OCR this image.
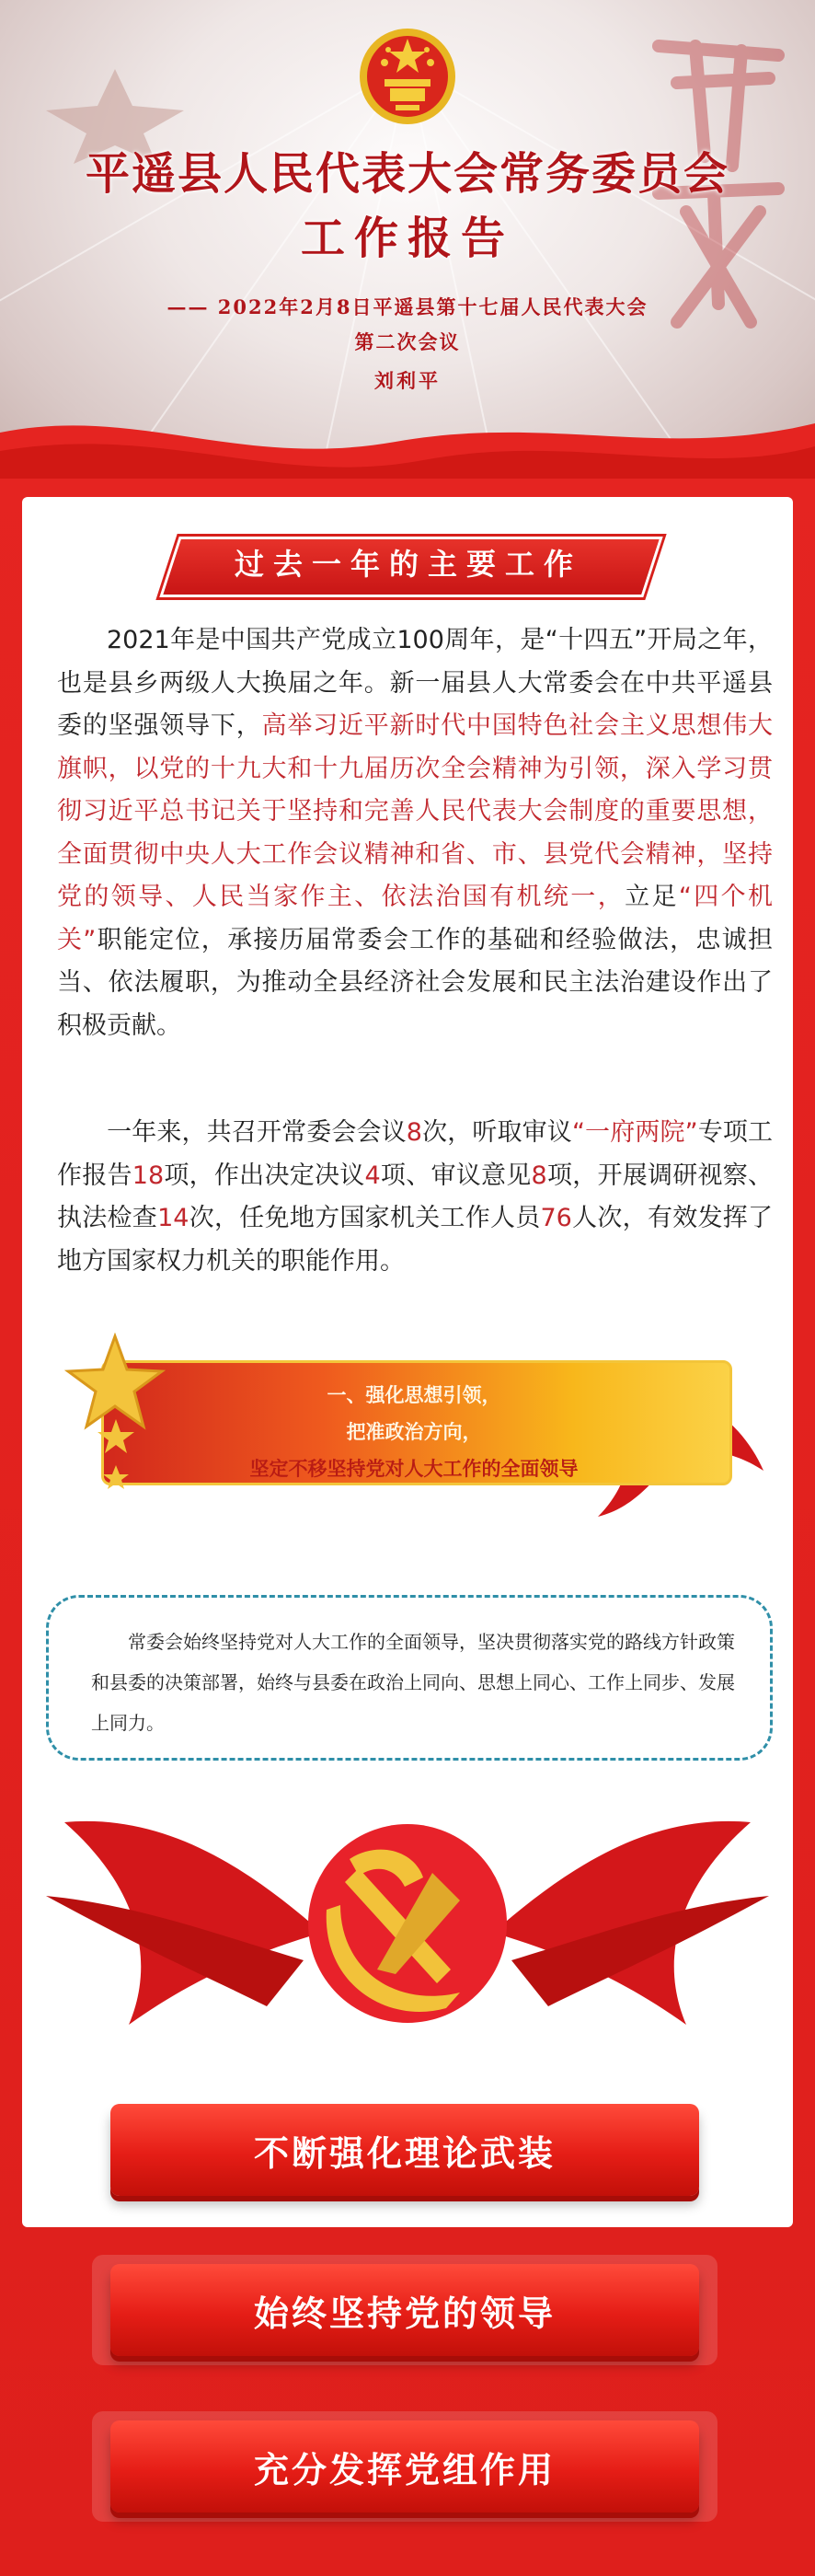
平遥县人民代表大会常务委员会
工作报告
—— 2022年2月8日平遥县第十七届人民代表大会
第二次会议
刘利平
过去一年的主要工作
2021年是中国共产党成立100周年，是“十四五”开局之年，也是县乡两级人大换届之年。新一届县人大常委会在中共平遥县委的坚强领导下，高举习近平新时代中国特色社会主义思想伟大旗帜，以党的十九大和十九届历次全会精神为引领，深入学习贯彻习近平总书记关于坚持和完善人民代表大会制度的重要思想，全面贯彻中央人大工作会议精神和省、市、县党代会精神，坚持党的领导、人民当家作主、依法治国有机统一，立足“四个机关”职能定位，承接历届常委会工作的基础和经验做法，忠诚担当、依法履职，为推动全县经济社会发展和民主法治建设作出了积极贡献。
一年来，共召开常委会会议8次，听取审议“一府两院”专项工作报告18项，作出决定决议4项、审议意见8项，开展调研视察、执法检查14次，任免地方国家机关工作人员76人次，有效发挥了地方国家权力机关的职能作用。
一、强化思想引领，
把准政治方向，
坚定不移坚持党对人大工作的全面领导
常委会始终坚持党对人大工作的全面领导，坚决贯彻落实党的路线方针政策和县委的决策部署，始终与县委在政治上同向、思想上同心、工作上同步、发展上同力。
不断强化理论武装
始终坚持党的领导
充分发挥党组作用
